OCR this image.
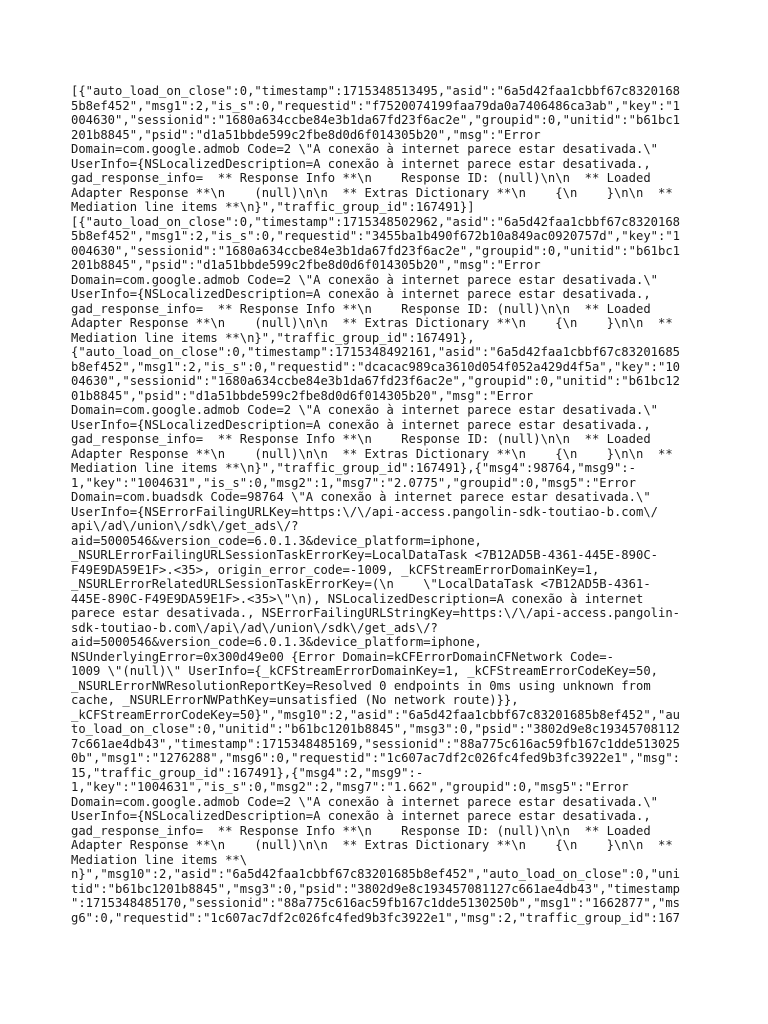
[{"auto_load_on_close":0,"timestamp":1715348513495,"asid":"6a5d42faa1cbbf67c8320168
5b8ef452","msg1":2,"is_s":0,"requestid":"f7520074199faa79da0a7406486ca3ab","key":"1
004630","sessionid":"1680a634ccbe84e3b1da67fd23f6ac2e","groupid":0,"unitid":"b61bc1
201b8845","psid":"d1a51bbde599c2fbe8d0d6f014305b20","msg":"Error
Domain=com.google.admob Code=2 \"A conexão à internet parece estar desativada.\"
UserInfo={NSLocalizedDescription=A conexão à internet parece estar desativada.,
gad_response_info=  ** Response Info **\n    Response ID: (null)\n\n  ** Loaded
Adapter Response **\n    (null)\n\n  ** Extras Dictionary **\n    {\n    }\n\n  **
Mediation line items **\n}","traffic_group_id":167491}]
[{"auto_load_on_close":0,"timestamp":1715348502962,"asid":"6a5d42faa1cbbf67c8320168
5b8ef452","msg1":2,"is_s":0,"requestid":"3455ba1b490f672b10a849ac0920757d","key":"1
004630","sessionid":"1680a634ccbe84e3b1da67fd23f6ac2e","groupid":0,"unitid":"b61bc1
201b8845","psid":"d1a51bbde599c2fbe8d0d6f014305b20","msg":"Error
Domain=com.google.admob Code=2 \"A conexão à internet parece estar desativada.\"
UserInfo={NSLocalizedDescription=A conexão à internet parece estar desativada.,
gad_response_info=  ** Response Info **\n    Response ID: (null)\n\n  ** Loaded
Adapter Response **\n    (null)\n\n  ** Extras Dictionary **\n    {\n    }\n\n  **
Mediation line items **\n}","traffic_group_id":167491},
{"auto_load_on_close":0,"timestamp":1715348492161,"asid":"6a5d42faa1cbbf67c83201685
b8ef452","msg1":2,"is_s":0,"requestid":"dcacac989ca3610d054f052a429d4f5a","key":"10
04630","sessionid":"1680a634ccbe84e3b1da67fd23f6ac2e","groupid":0,"unitid":"b61bc12
01b8845","psid":"d1a51bbde599c2fbe8d0d6f014305b20","msg":"Error
Domain=com.google.admob Code=2 \"A conexão à internet parece estar desativada.\"
UserInfo={NSLocalizedDescription=A conexão à internet parece estar desativada.,
gad_response_info=  ** Response Info **\n    Response ID: (null)\n\n  ** Loaded
Adapter Response **\n    (null)\n\n  ** Extras Dictionary **\n    {\n    }\n\n  **
Mediation line items **\n}","traffic_group_id":167491},{"msg4":98764,"msg9":-
1,"key":"1004631","is_s":0,"msg2":1,"msg7":"2.0775","groupid":0,"msg5":"Error
Domain=com.buadsdk Code=98764 \"A conexão à internet parece estar desativada.\"
UserInfo={NSErrorFailingURLKey=https:\/\/api-access.pangolin-sdk-toutiao-b.com\/
api\/ad\/union\/sdk\/get_ads\/?
aid=5000546&version_code=6.0.1.3&device_platform=iphone,
_NSURLErrorFailingURLSessionTaskErrorKey=LocalDataTask <7B12AD5B-4361-445E-890C-
F49E9DA59E1F>.<35>, origin_error_code=-1009, _kCFStreamErrorDomainKey=1,
_NSURLErrorRelatedURLSessionTaskErrorKey=(\n    \"LocalDataTask <7B12AD5B-4361-
445E-890C-F49E9DA59E1F>.<35>\"\n), NSLocalizedDescription=A conexão à internet
parece estar desativada., NSErrorFailingURLStringKey=https:\/\/api-access.pangolin-
sdk-toutiao-b.com\/api\/ad\/union\/sdk\/get_ads\/?
aid=5000546&version_code=6.0.1.3&device_platform=iphone,
NSUnderlyingError=0x300d49e00 {Error Domain=kCFErrorDomainCFNetwork Code=-
1009 \"(null)\" UserInfo={_kCFStreamErrorDomainKey=1, _kCFStreamErrorCodeKey=50,
_NSURLErrorNWResolutionReportKey=Resolved 0 endpoints in 0ms using unknown from
cache, _NSURLErrorNWPathKey=unsatisfied (No network route)}},
_kCFStreamErrorCodeKey=50}","msg10":2,"asid":"6a5d42faa1cbbf67c83201685b8ef452","au
to_load_on_close":0,"unitid":"b61bc1201b8845","msg3":0,"psid":"3802d9e8c19345708112
7c661ae4db43","timestamp":1715348485169,"sessionid":"88a775c616ac59fb167c1dde513025
0b","msg1":"1276288","msg6":0,"requestid":"1c607ac7df2c026fc4fed9b3fc3922e1","msg":
15,"traffic_group_id":167491},{"msg4":2,"msg9":-
1,"key":"1004631","is_s":0,"msg2":2,"msg7":"1.662","groupid":0,"msg5":"Error
Domain=com.google.admob Code=2 \"A conexão à internet parece estar desativada.\"
UserInfo={NSLocalizedDescription=A conexão à internet parece estar desativada.,
gad_response_info=  ** Response Info **\n    Response ID: (null)\n\n  ** Loaded
Adapter Response **\n    (null)\n\n  ** Extras Dictionary **\n    {\n    }\n\n  **
Mediation line items **\
n}","msg10":2,"asid":"6a5d42faa1cbbf67c83201685b8ef452","auto_load_on_close":0,"uni
tid":"b61bc1201b8845","msg3":0,"psid":"3802d9e8c193457081127c661ae4db43","timestamp
":1715348485170,"sessionid":"88a775c616ac59fb167c1dde5130250b","msg1":"1662877","ms
g6":0,"requestid":"1c607ac7df2c026fc4fed9b3fc3922e1","msg":2,"traffic_group_id":167
